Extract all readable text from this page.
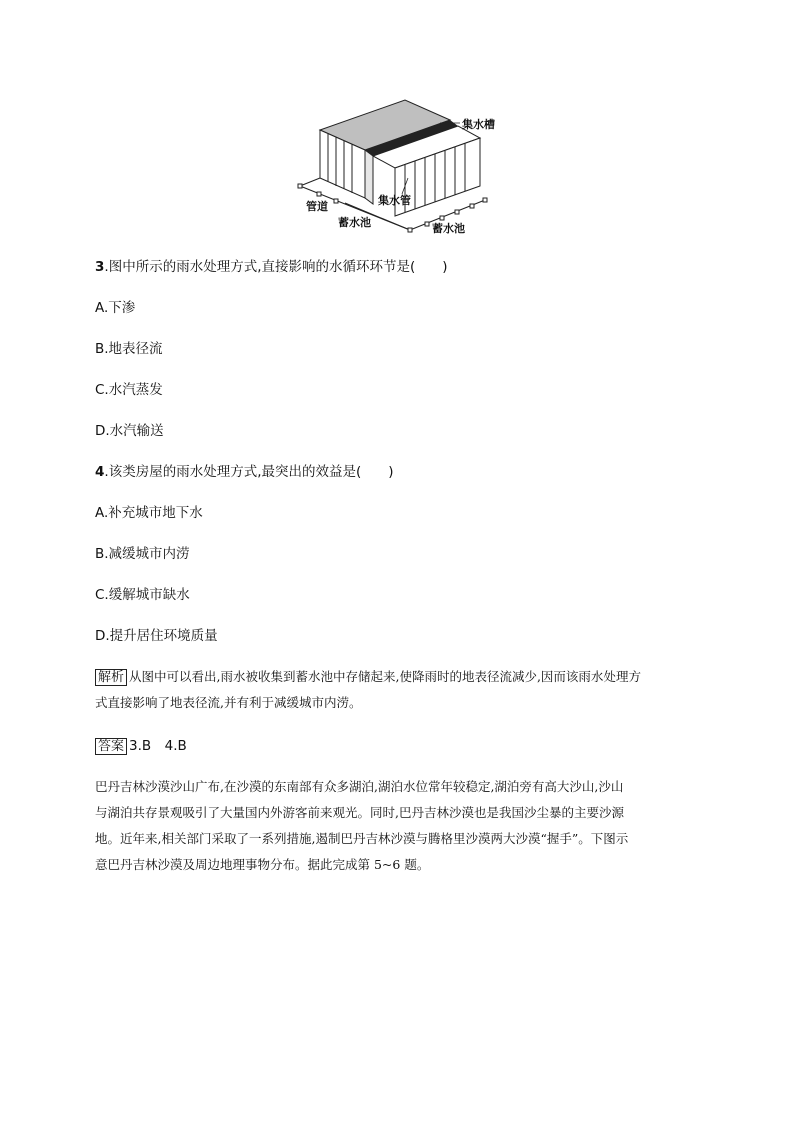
集水槽
集水管
管道
蓄水池	蓄水池
3.图中所示的雨水处理方式,直接影响的水循环环节是(　　)
A.下渗
B.地表径流
C.水汽蒸发
D.水汽输送
4.该类房屋的雨水处理方式,最突出的效益是(　　)
A.补充城市地下水
B.减缓城市内涝
C.缓解城市缺水
D.提升居住环境质量
解析 从图中可以看出,雨水被收集到蓄水池中存储起来,使降雨时的地表径流减少,因而该雨水处理方
式直接影响了地表径流,并有利于减缓城市内涝。
答案 3.B　4.B
巴丹吉林沙漠沙山广布,在沙漠的东南部有众多湖泊,湖泊水位常年较稳定,湖泊旁有高大沙山,沙山
与湖泊共存景观吸引了大量国内外游客前来观光。同时,巴丹吉林沙漠也是我国沙尘暴的主要沙源
地。近年来,相关部门采取了一系列措施,遏制巴丹吉林沙漠与腾格里沙漠两大沙漠“握手”。下图示
意巴丹吉林沙漠及周边地理事物分布。据此完成第 5~6 题。
